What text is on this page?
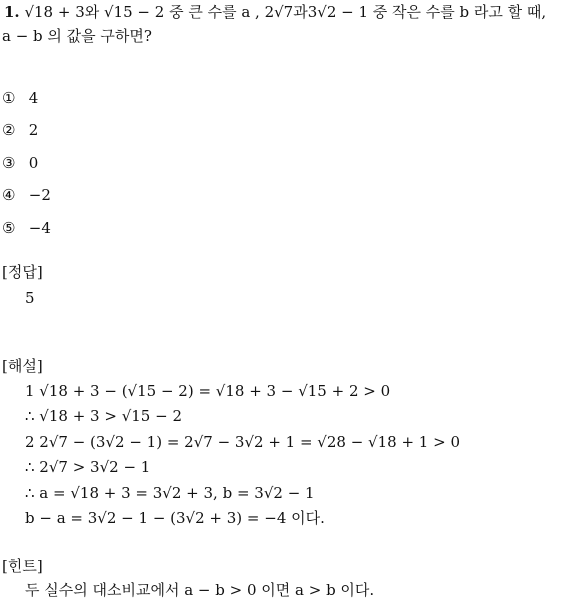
1. √18 + 3와 √15 − 2 중 큰 수를 a , 2√7과3√2 − 1 중 작은 수를 b 라고 할 때,
a − b 의 값을 구하면?
① 4
② 2
③ 0
④ −2
⑤ −4
[정답]
5
[해설]
1 √18 + 3 − (√15 − 2) = √18 + 3 − √15 + 2 > 0
∴ √18 + 3 > √15 − 2
2 2√7 − (3√2 − 1) = 2√7 − 3√2 + 1 = √28 − √18 + 1 > 0
∴ 2√7 > 3√2 − 1
∴ a = √18 + 3 = 3√2 + 3, b = 3√2 − 1
b − a = 3√2 − 1 − (3√2 + 3) = −4 이다.
[힌트]
두 실수의 대소비교에서 a − b > 0 이면 a > b 이다.
